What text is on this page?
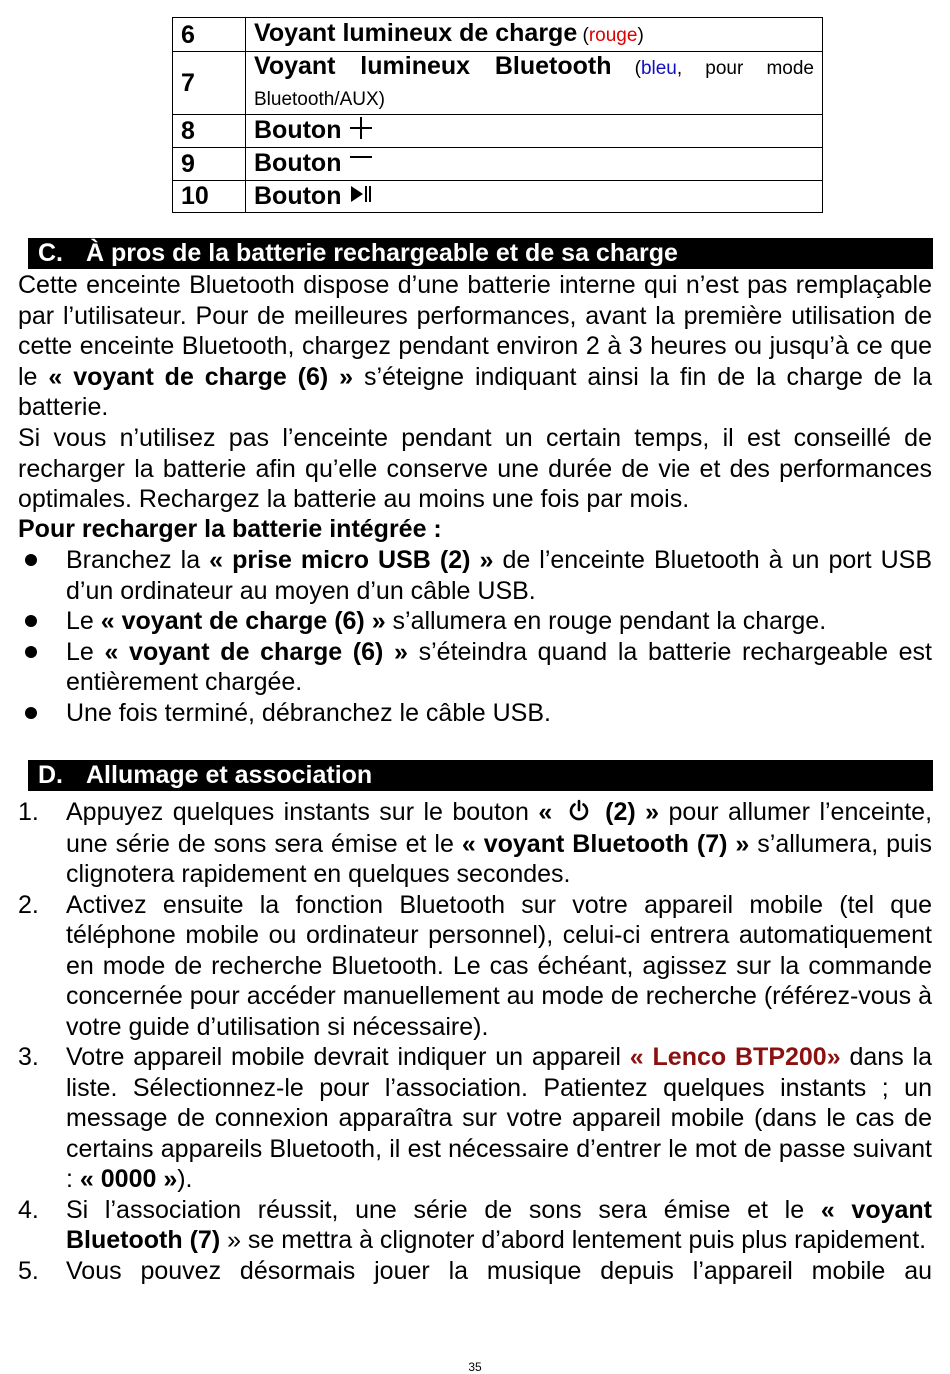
6	Voyant lumineux de charge (rouge)
7	Voyant lumineux Bluetooth (bleu, pour mode Bluetooth/AUX)
8	Bouton
9	Bouton
10	Bouton
C. À pros de la batterie rechargeable et de sa charge
Cette enceinte Bluetooth dispose d’une batterie interne qui n’est pas remplaçable par l’utilisateur. Pour de meilleures performances, avant la première utilisation de cette enceinte Bluetooth, chargez pendant environ 2 à 3 heures ou jusqu’à ce que le « voyant de charge (6) » s’éteigne indiquant ainsi la fin de la charge de la batterie.
Si vous n’utilisez pas l’enceinte pendant un certain temps, il est conseillé de recharger la batterie afin qu’elle conserve une durée de vie et des performances optimales. Rechargez la batterie au moins une fois par mois.
Pour recharger la batterie intégrée :
Branchez la « prise micro USB (2) » de l’enceinte Bluetooth à un port USB d’un ordinateur au moyen d’un câble USB.
Le « voyant de charge (6) » s’allumera en rouge pendant la charge.
Le « voyant de charge (6) » s’éteindra quand la batterie rechargeable est entièrement chargée.
Une fois terminé, débranchez le câble USB.
D. Allumage et association
1. Appuyez quelques instants sur le bouton « (2) » pour allumer l’enceinte, une série de sons sera émise et le « voyant Bluetooth (7) » s’allumera, puis clignotera rapidement en quelques secondes.
2. Activez ensuite la fonction Bluetooth sur votre appareil mobile (tel que téléphone mobile ou ordinateur personnel), celui-ci entrera automatiquement en mode de recherche Bluetooth. Le cas échéant, agissez sur la commande concernée pour accéder manuellement au mode de recherche (référez-vous à votre guide d’utilisation si nécessaire).
3. Votre appareil mobile devrait indiquer un appareil « Lenco BTP200» dans la liste. Sélectionnez-le pour l’association. Patientez quelques instants ; un message de connexion apparaîtra sur votre appareil mobile (dans le cas de certains appareils Bluetooth, il est nécessaire d’entrer le mot de passe suivant : « 0000 »).
4. Si l’association réussit, une série de sons sera émise et le « voyant Bluetooth (7) » se mettra à clignoter d’abord lentement puis plus rapidement.
5. Vous pouvez désormais jouer la musique depuis l’appareil mobile au
35
